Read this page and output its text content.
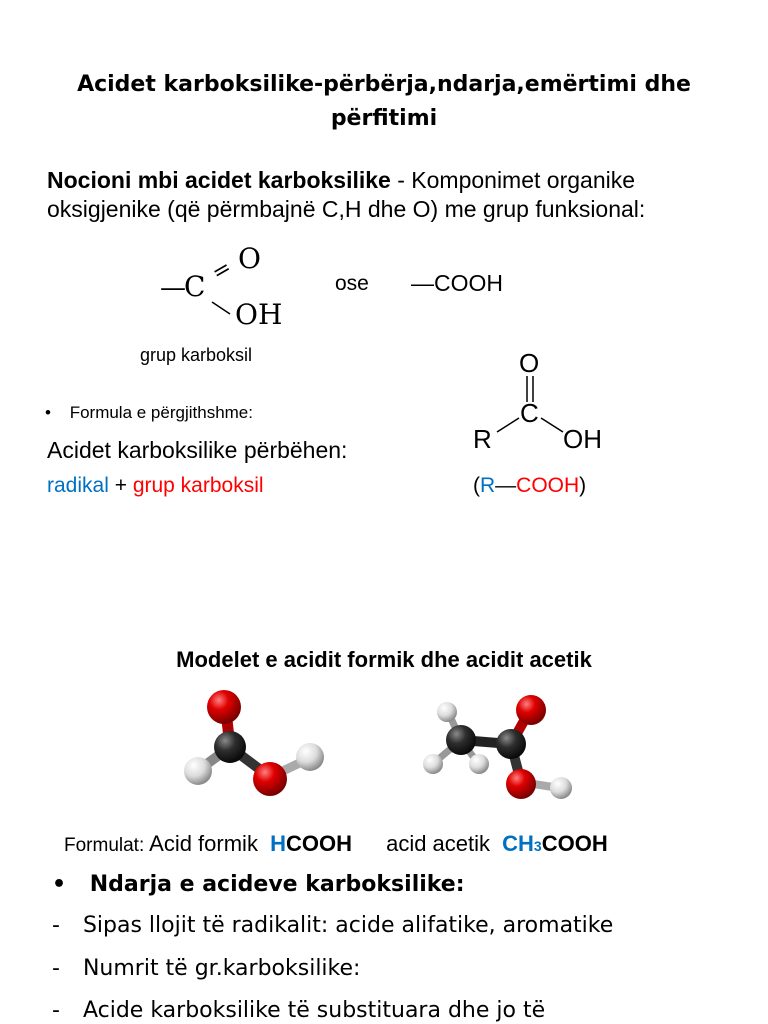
Acidet karboksilike-përbërja,ndarja,emërtimi dhe
përfitimi
Nocioni mbi acidet karboksilike - Komponimet organike oksigjenike (që përmbajnë C,H dhe O) me grup funksional:
—
C = O
OH
ose —COOH
grup karboksil
• Formula e përgjithshme:
Acidet karboksilike përbëhen:
radikal + grup karboksil
O
C
R	OH
(R—COOH)
Modelet e acidit formik dhe acidit acetik
Formulat: Acid formik HCOOH acid acetik CH3COOH
• Ndarja e acideve karboksilike:
- Sipas llojit të radikalit: acide alifatike, aromatike
- Numrit të gr.karboksilike:
- Acide karboksilike të substituara dhe jo të
